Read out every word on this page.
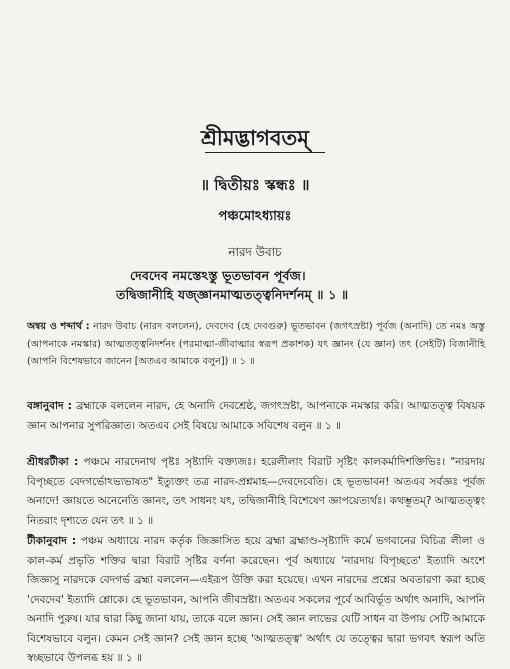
শ্রীমদ্ভাগবতম্
॥ দ্বিতীয়ঃ স্কন্ধঃ ॥
পঞ্চমোঽধ্যায়ঃ
নারদ উবাচ
দেবদেব নমস্তেঽস্তু ভূতভাবন পূর্বজ।
তদ্বিজানীহি যজ্জ্ঞানমাত্মতত্ত্বনিদর্শনম্ ॥ ১ ॥
অন্বয় ও শব্দার্থ : নারদ উবাচ (নারদ বললেন), দেবদেব (হে দেবগুরু) ভূতভাবন (জগৎস্রষ্টা) পূর্বজ (অনাদি) তে নমঃ অস্তু (আপনাকে নমস্কার) আত্মতত্ত্বনিদর্শনং (পরমাত্মা-জীবাত্মার স্বরূপ প্রকাশক) যৎ জ্ঞানং (যে জ্ঞান) তৎ (সেইটি) বিজানীহি (আপনি বিশেষভাবে জানেন [অতএব আমাকে বলুন]) ॥ ১ ॥
বঙ্গানুবাদ : ব্রহ্মাকে বললেন নারদ, হে অনাদি দেবশ্রেষ্ঠ, জগৎস্রষ্টা, আপনাকে নমস্কার করি। আত্মতত্ত্ব বিষয়ক জ্ঞান আপনার সুপরিজ্ঞাত। অতএব সেই বিষয়ে আমাকে সবিশেষ বলুন ॥ ১ ॥
শ্রীধরটীকা : পঞ্চমে নারদেনাথ পৃষ্টঃ সৃষ্ট্যাদি বক্ত্যজঃ। হরেলীলাং বিরাট সৃষ্টিং কালকর্মাদিশক্তিভিঃ। "নারদায় বিপৃচ্ছতে বেদগর্ভোঽভ্যভাষত" ইত্যুক্তং তত্র নারদ-প্রশ্নমাহ—দেবদেবেতি। হে ভূতভাবন! অতএব সর্বজ্ঞঃ পূর্বজ অনাদে! জ্ঞায়তে অনেনেতি জ্ঞানং, তৎ সাধনং যৎ, তদ্বিজানীহি বিশেষেণ জ্ঞাপয়েত্যর্থঃ। কথম্ভূতম্? আত্মতত্ত্বং নিতরাং দৃশ্যতে যেন তৎ ॥ ১ ॥
টীকানুবাদ : পঞ্চম অধ্যায়ে নারদ কর্তৃক জিজ্ঞাসিত হয়ে ব্রহ্মা ব্রহ্মাণ্ড-সৃষ্ট্যাদি কর্মে ভগবানের বিচিত্র লীলা ও কাল-কর্ম প্রভৃতি শক্তির দ্বারা বিরাট সৃষ্টির বর্ণনা করেছেন। পূর্ব অধ্যায়ে 'নারদায় বিপৃচ্ছতে' ইত্যাদি অংশে জিজ্ঞাসু নারদকে বেদগর্ভ ব্রহ্মা বললেন—এইরূপ উক্তি করা হয়েছে। এখন নারদের প্রশ্নের অবতারণা করা হচ্ছে 'দেবদেব' ইত্যাদি শ্লোকে। হে ভূতভাবন, আপনি জীবস্রষ্টা। অতএব সকলের পূর্বে আবির্ভূত অর্থাৎ অনাদি, আপনি অনাদি পুরুষ। যার দ্বারা কিছু জানা যায়, তাকে বলে জ্ঞান। সেই জ্ঞান লাভের যেটি সাধন বা উপায় সেটি আমাকে বিশেষভাবে বলুন। কেমন সেই জ্ঞান? সেই জ্ঞান হচ্ছে 'আত্মতত্ত্ব' অর্থাৎ যে তত্ত্বের দ্বারা ভগবৎ স্বরূপ অতি স্বচ্ছভাবে উপলব্ধ হয় ॥ ১ ॥
